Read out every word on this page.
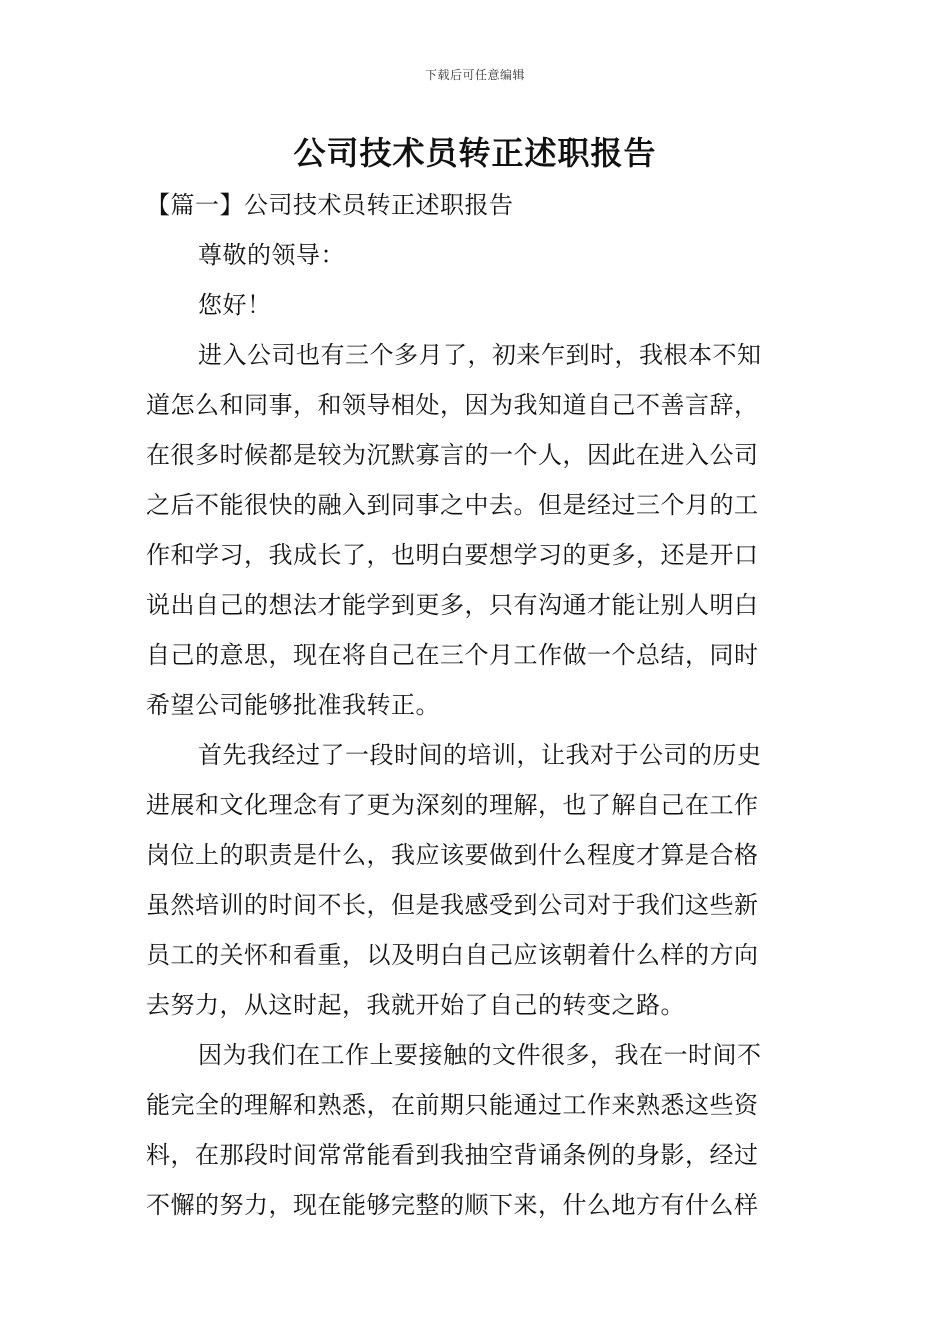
下载后可任意编辑
公司技术员转正述职报告
【篇一】公司技术员转正述职报告
尊敬的领导：
您好！
进入公司也有三个多月了，初来乍到时，我根本不知
道怎么和同事，和领导相处，因为我知道自己不善言辞，
在很多时候都是较为沉默寡言的一个人，因此在进入公司
之后不能很快的融入到同事之中去。但是经过三个月的工
作和学习，我成长了，也明白要想学习的更多，还是开口
说出自己的想法才能学到更多，只有沟通才能让别人明白
自己的意思，现在将自己在三个月工作做一个总结，同时
希望公司能够批准我转正。
首先我经过了一段时间的培训，让我对于公司的历史
进展和文化理念有了更为深刻的理解，也了解自己在工作
岗位上的职责是什么，我应该要做到什么程度才算是合格
虽然培训的时间不长，但是我感受到公司对于我们这些新
员工的关怀和看重，以及明白自己应该朝着什么样的方向
去努力，从这时起，我就开始了自己的转变之路。
因为我们在工作上要接触的文件很多，我在一时间不
能完全的理解和熟悉，在前期只能通过工作来熟悉这些资
料，在那段时间常常能看到我抽空背诵条例的身影，经过
不懈的努力，现在能够完整的顺下来，什么地方有什么样
